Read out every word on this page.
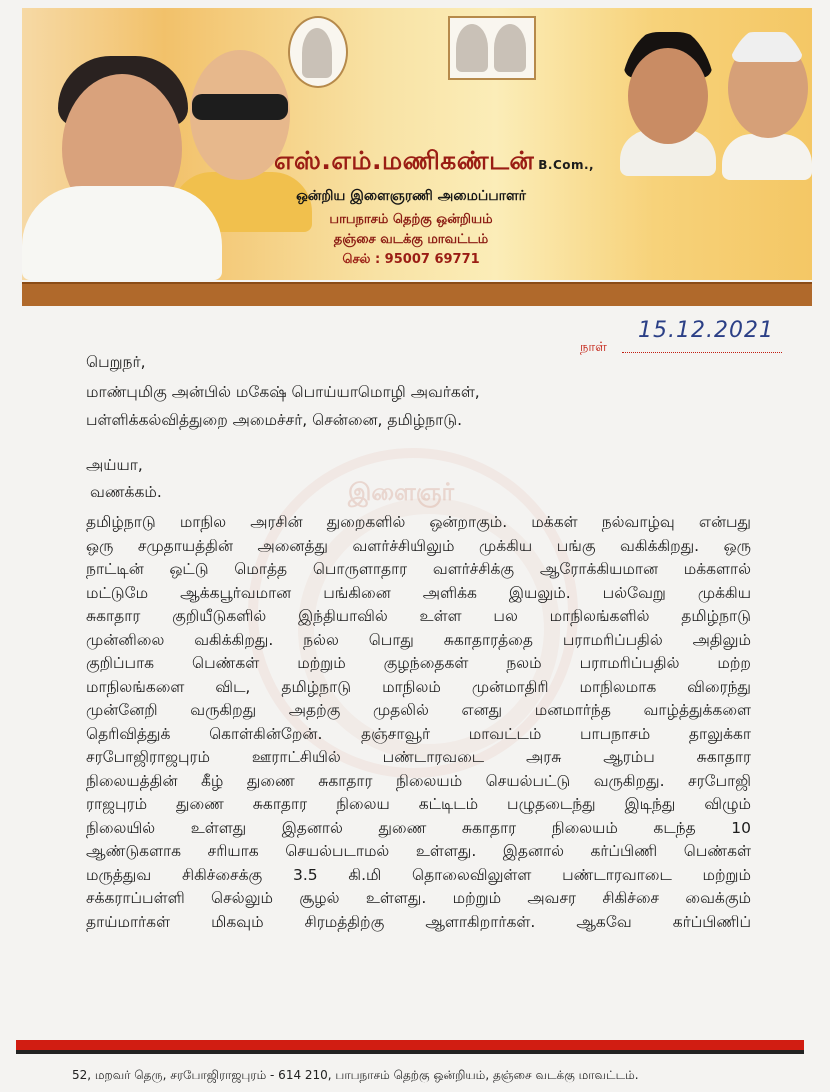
எஸ்.எம்.மணிகண்டன் B.Com.,
ஒன்றிய இளைஞரணி அமைப்பாளர்
பாபநாசம் தெற்கு ஒன்றியம்
தஞ்சை வடக்கு மாவட்டம்
செல் : 95007 69771
இளைஞர்
நாள்
15.12.2021
பெறுநர்,
மாண்புமிகு அன்பில் மகேஷ் பொய்யாமொழி அவர்கள்,
பள்ளிக்கல்வித்துறை அமைச்சர், சென்னை, தமிழ்நாடு.
அய்யா,
வணக்கம்.
தமிழ்நாடு மாநில அரசின் துறைகளில் ஒன்றாகும். மக்கள் நல்வாழ்வு என்பது
ஒரு சமுதாயத்தின் அனைத்து வளர்ச்சியிலும் முக்கிய பங்கு வகிக்கிறது. ஒரு
நாட்டின் ஒட்டு மொத்த பொருளாதார வளர்ச்சிக்கு ஆரோக்கியமான மக்களால்
மட்டுமே ஆக்கபூர்வமான பங்கினை அளிக்க இயலும். பல்வேறு முக்கிய
சுகாதார குறியீடுகளில் இந்தியாவில் உள்ள பல மாநிலங்களில் தமிழ்நாடு
முன்னிலை வகிக்கிறது. நல்ல பொது சுகாதாரத்தை பராமரிப்பதில் அதிலும்
குறிப்பாக பெண்கள் மற்றும் குழந்தைகள் நலம் பராமரிப்பதில் மற்ற
மாநிலங்களை விட, தமிழ்நாடு மாநிலம் முன்மாதிரி மாநிலமாக விரைந்து
முன்னேறி வருகிறது அதற்கு முதலில் எனது மனமார்ந்த வாழ்த்துக்களை
தெரிவித்துக் கொள்கின்றேன். தஞ்சாவூர் மாவட்டம் பாபநாசம் தாலுக்கா
சரபோஜிராஜபுரம் ஊராட்சியில் பண்டாரவடை அரசு ஆரம்ப சுகாதார
நிலையத்தின் கீழ் துணை சுகாதார நிலையம் செயல்பட்டு வருகிறது. சரபோஜி
ராஜபுரம் துணை சுகாதார நிலைய கட்டிடம் பழுதடைந்து இடிந்து விழும்
நிலையில் உள்ளது இதனால் துணை சுகாதார நிலையம் கடந்த 10
ஆண்டுகளாக சரியாக செயல்படாமல் உள்ளது. இதனால் கர்ப்பிணி பெண்கள்
மருத்துவ சிகிச்சைக்கு 3.5 கி.மி தொலைவிலுள்ள பண்டாரவாடை மற்றும்
சக்கராப்பள்ளி செல்லும் சூழல் உள்ளது. மற்றும் அவசர சிகிச்சை வைக்கும்
தாய்மார்கள் மிகவும் சிரமத்திற்கு ஆளாகிறார்கள். ஆகவே கர்ப்பிணிப்
52, மறவர் தெரு, சரபோஜிராஜபுரம் - 614 210, பாபநாசம் தெற்கு ஒன்றியம், தஞ்சை வடக்கு மாவட்டம்.
